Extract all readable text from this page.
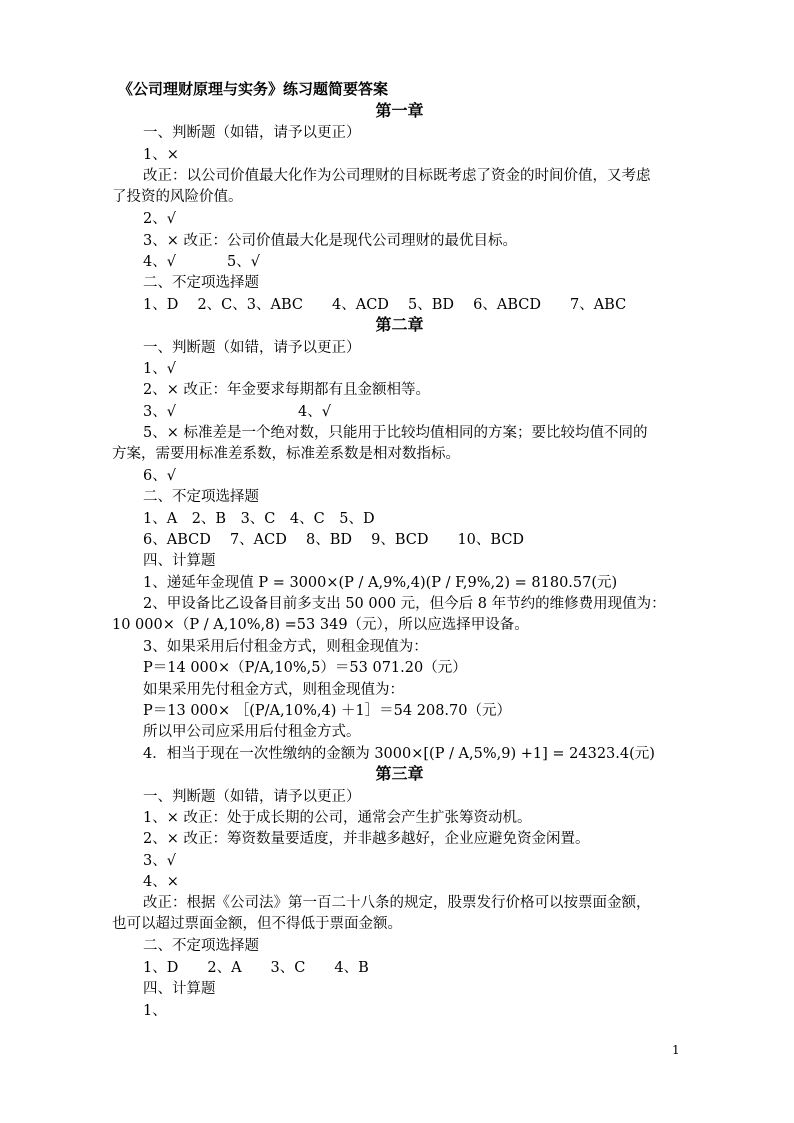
《公司理财原理与实务》练习题简要答案
第一章
一、判断题（如错，请予以更正）
1、×
改正：以公司价值最大化作为公司理财的目标既考虑了资金的时间价值，又考虑
了投资的风险价值。
2、√
3、× 改正：公司价值最大化是现代公司理财的最优目标。
4、√	5、√
二、不定项选择题
1、D　 2、C、3、ABC　　4、ACD　 5、BD　 6、ABCD　　7、ABC
第二章
一、判断题（如错，请予以更正）
1、√
2、× 改正：年金要求每期都有且金额相等。
3、√	4、√
5、× 标准差是一个绝对数，只能用于比较均值相同的方案；要比较均值不同的
方案，需要用标准差系数，标准差系数是相对数指标。
6、√
二、不定项选择题
1、A　2、B　3、C　4、C　5、D
6、ABCD　 7、ACD　 8、BD　 9、BCD　　10、BCD
四、计算题
1、递延年金现值 P = 3000×(P / A,9%,4)(P / F,9%,2) = 8180.57(元)
2、甲设备比乙设备目前多支出 50 000 元，但今后 8 年节约的维修费用现值为：
10 000×（P / A,10%,8) =53 349（元），所以应选择甲设备。
3、如果采用后付租金方式，则租金现值为：
P＝14 000×（P/A,10%,5）＝53 071.20（元）
如果采用先付租金方式，则租金现值为：
P＝13 000× ［(P/A,10%,4) ＋1］＝54 208.70（元）
所以甲公司应采用后付租金方式。
4．相当于现在一次性缴纳的金额为 3000×[(P / A,5%,9) +1] = 24323.4(元)
第三章
一、判断题（如错，请予以更正）
1、× 改正：处于成长期的公司，通常会产生扩张筹资动机。
2、× 改正：筹资数量要适度，并非越多越好，企业应避免资金闲置。
3、√
4、×
改正：根据《公司法》第一百二十八条的规定，股票发行价格可以按票面金额，
也可以超过票面金额，但不得低于票面金额。
二、不定项选择题
1、D　　2、A　　3、C　　4、B
四、计算题
1、
1
